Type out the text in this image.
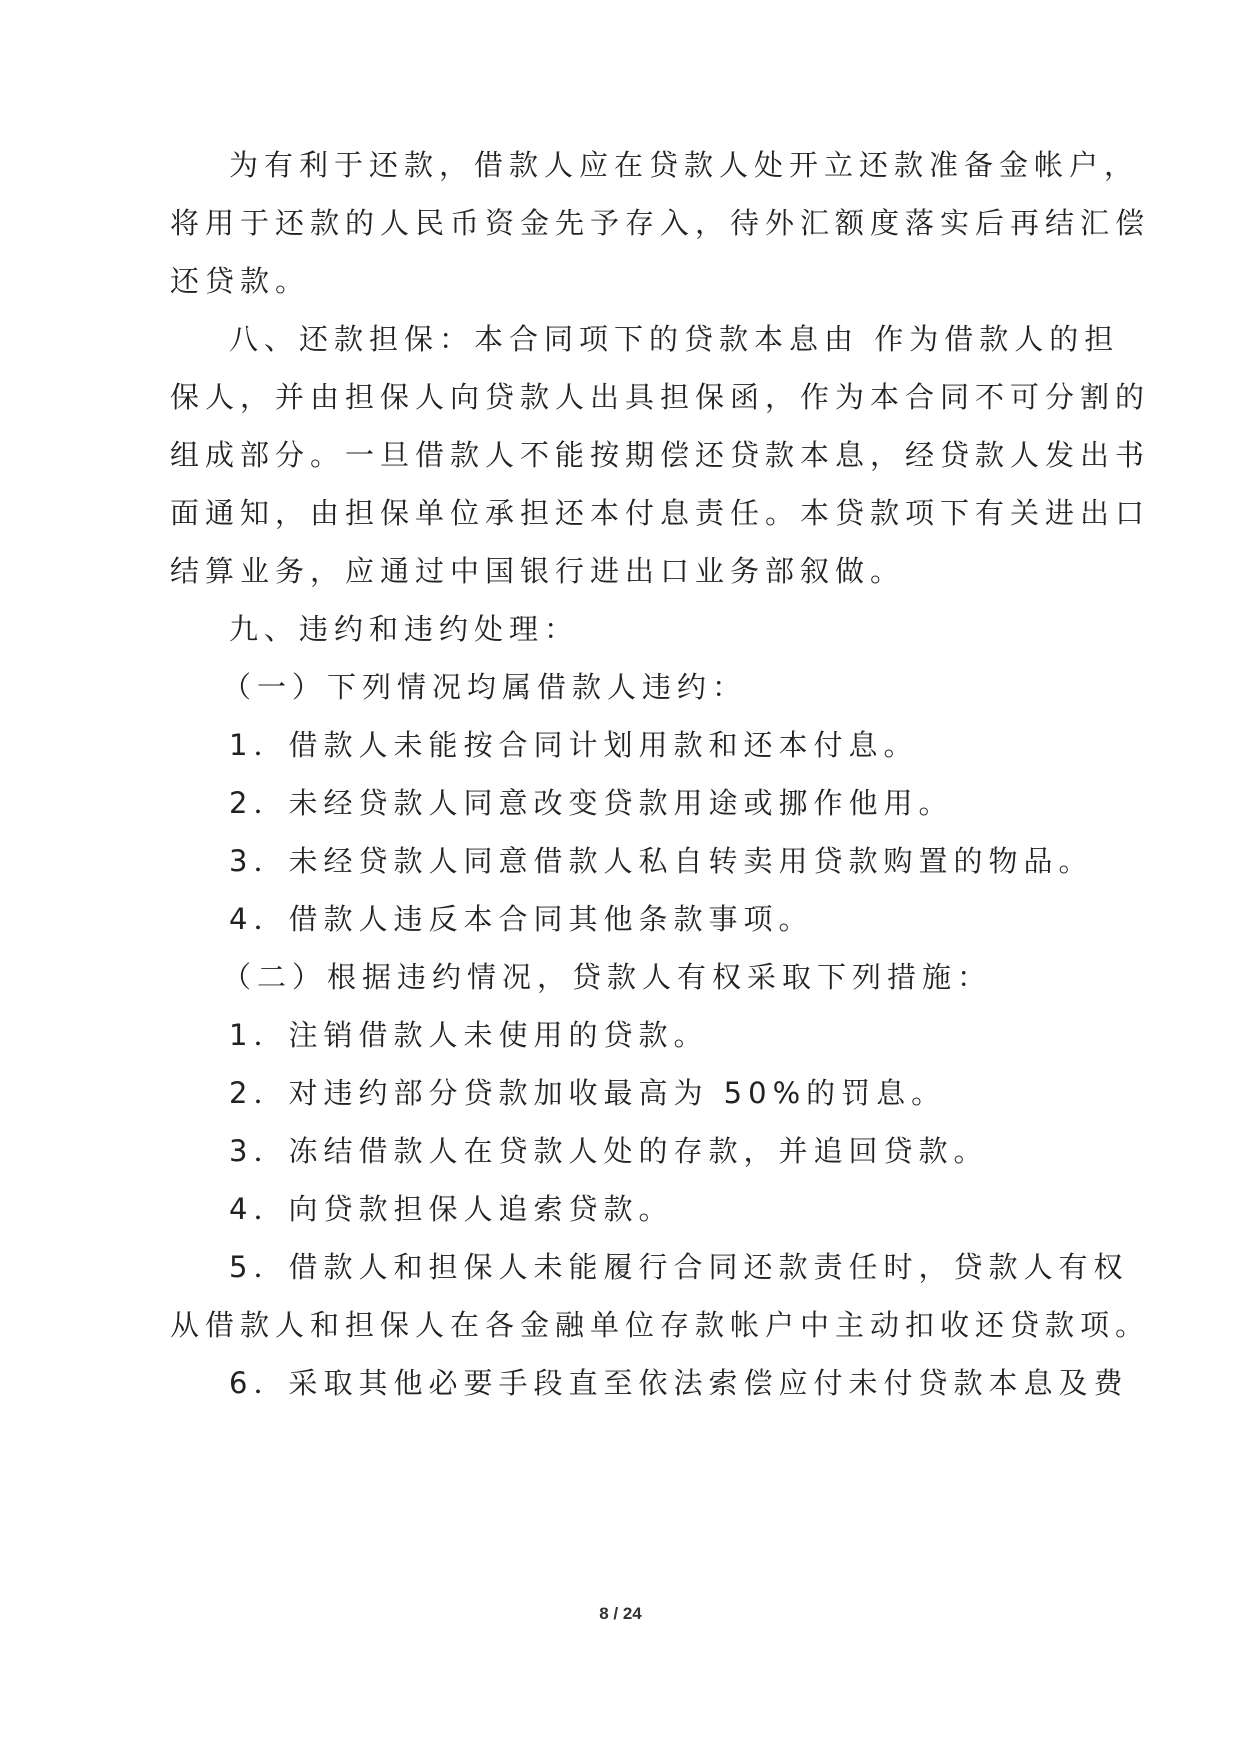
为有利于还款，借款人应在贷款人处开立还款准备金帐户，
将用于还款的人民币资金先予存入，待外汇额度落实后再结汇偿
还贷款。
八、还款担保：本合同项下的贷款本息由 作为借款人的担
保人，并由担保人向贷款人出具担保函，作为本合同不可分割的
组成部分。一旦借款人不能按期偿还贷款本息，经贷款人发出书
面通知，由担保单位承担还本付息责任。本贷款项下有关进出口
结算业务，应通过中国银行进出口业务部叙做。
九、违约和违约处理：
（一）下列情况均属借款人违约：
1．借款人未能按合同计划用款和还本付息。
2．未经贷款人同意改变贷款用途或挪作他用。
3．未经贷款人同意借款人私自转卖用贷款购置的物品。
4．借款人违反本合同其他条款事项。
（二）根据违约情况，贷款人有权采取下列措施：
1．注销借款人未使用的贷款。
2．对违约部分贷款加收最高为 50%的罚息。
3．冻结借款人在贷款人处的存款，并追回贷款。
4．向贷款担保人追索贷款。
5．借款人和担保人未能履行合同还款责任时，贷款人有权
从借款人和担保人在各金融单位存款帐户中主动扣收还贷款项。
6．采取其他必要手段直至依法索偿应付未付贷款本息及费
8 / 24
